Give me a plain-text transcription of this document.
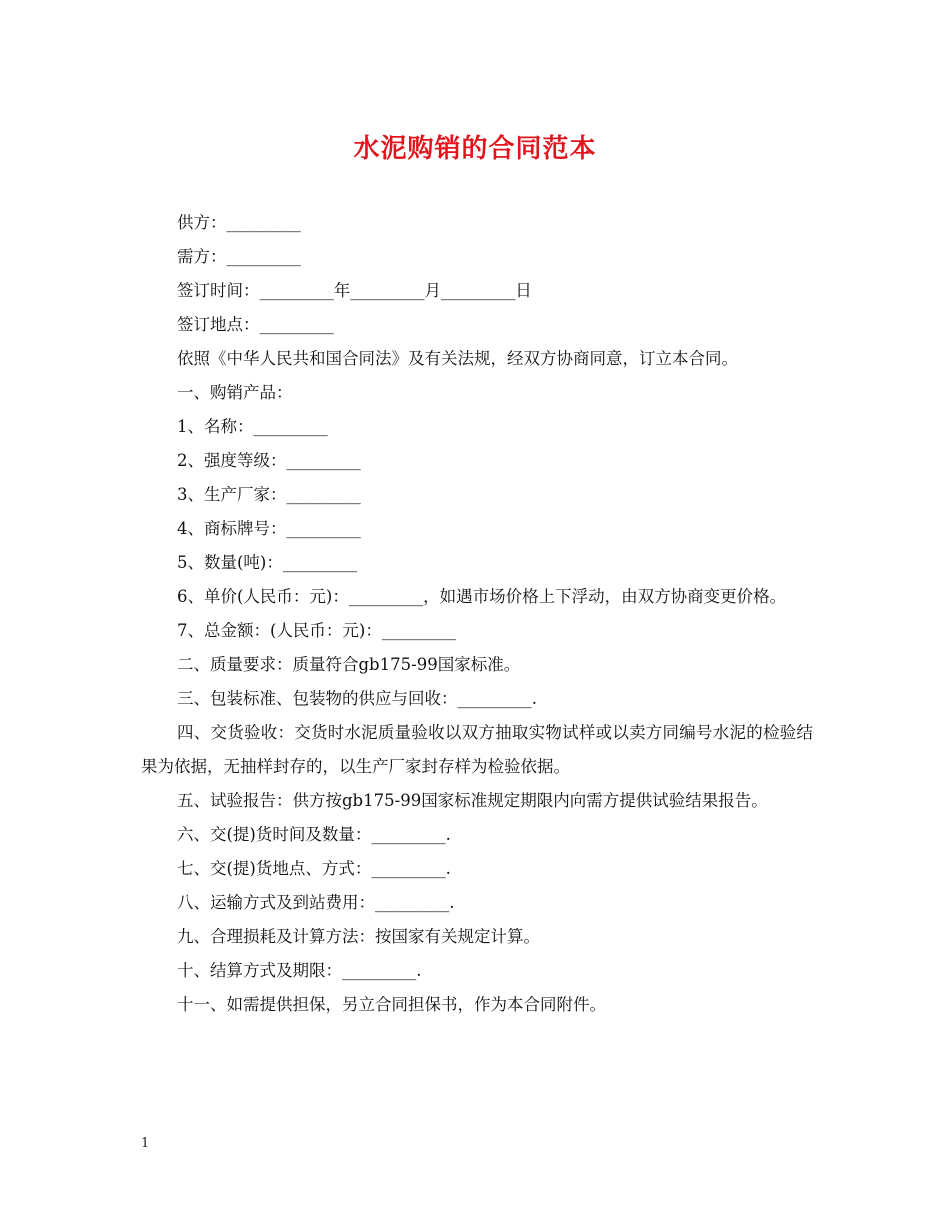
水泥购销的合同范本
供方：_________
需方：_________
签订时间：_________年_________月_________日
签订地点：_________
依照《中华人民共和国合同法》及有关法规，经双方协商同意，订立本合同。
一、购销产品：
1、名称：_________
2、强度等级：_________
3、生产厂家：_________
4、商标牌号：_________
5、数量(吨)：_________
6、单价(人民币：元)：_________，如遇市场价格上下浮动，由双方协商变更价格。
7、总金额：(人民币：元)：_________
二、质量要求：质量符合gb175-99国家标准。
三、包装标准、包装物的供应与回收：_________.
四、交货验收：交货时水泥质量验收以双方抽取实物试样或以卖方同编号水泥的检验结果为依据，无抽样封存的，以生产厂家封存样为检验依据。
五、试验报告：供方按gb175-99国家标准规定期限内向需方提供试验结果报告。
六、交(提)货时间及数量：_________.
七、交(提)货地点、方式：_________.
八、运输方式及到站费用：_________.
九、合理损耗及计算方法：按国家有关规定计算。
十、结算方式及期限：_________.
十一、如需提供担保，另立合同担保书，作为本合同附件。
1
